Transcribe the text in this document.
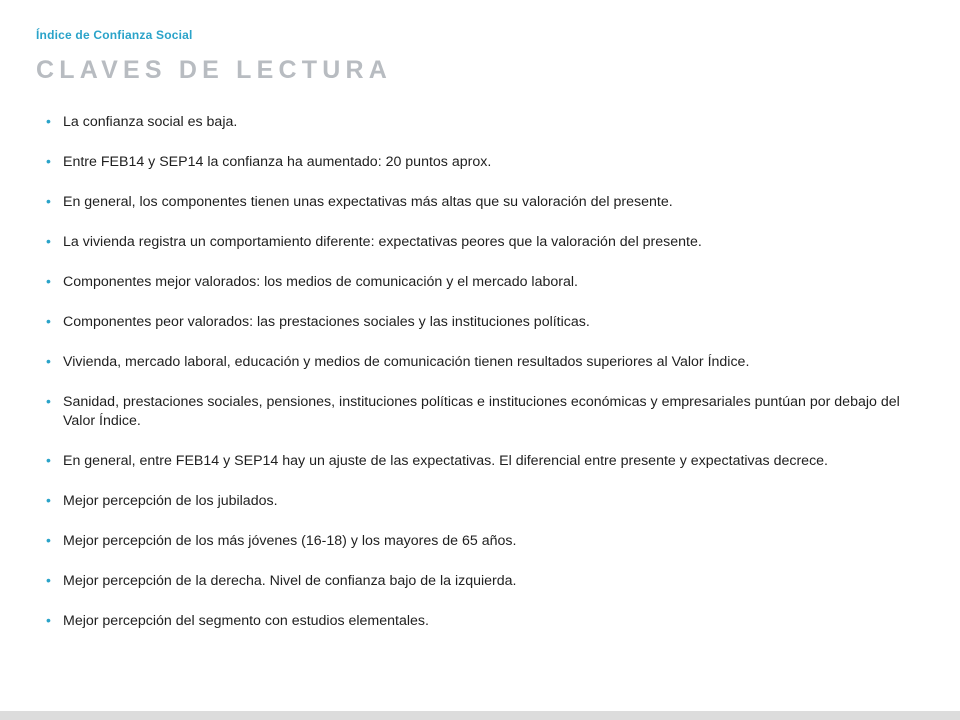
Índice de Confianza Social
CLAVES DE LECTURA
• La confianza social es baja.
• Entre FEB14 y SEP14 la confianza ha aumentado: 20 puntos aprox.
• En general, los componentes tienen unas expectativas más altas que su valoración del presente.
• La vivienda registra un comportamiento diferente: expectativas peores que la valoración del presente.
• Componentes mejor valorados: los medios de comunicación y el mercado laboral.
• Componentes peor valorados: las prestaciones sociales y las instituciones políticas.
• Vivienda, mercado laboral, educación y medios de comunicación tienen resultados superiores al Valor Índice.
• Sanidad, prestaciones sociales, pensiones, instituciones políticas e instituciones económicas y empresariales puntúan por debajo del Valor Índice.
• En general, entre FEB14 y SEP14 hay un ajuste de las expectativas. El diferencial entre presente y expectativas decrece.
• Mejor percepción de los jubilados.
• Mejor percepción de los más jóvenes (16-18) y los mayores de 65 años.
• Mejor percepción de la derecha. Nivel de confianza bajo de la izquierda.
• Mejor percepción del segmento con estudios elementales.
